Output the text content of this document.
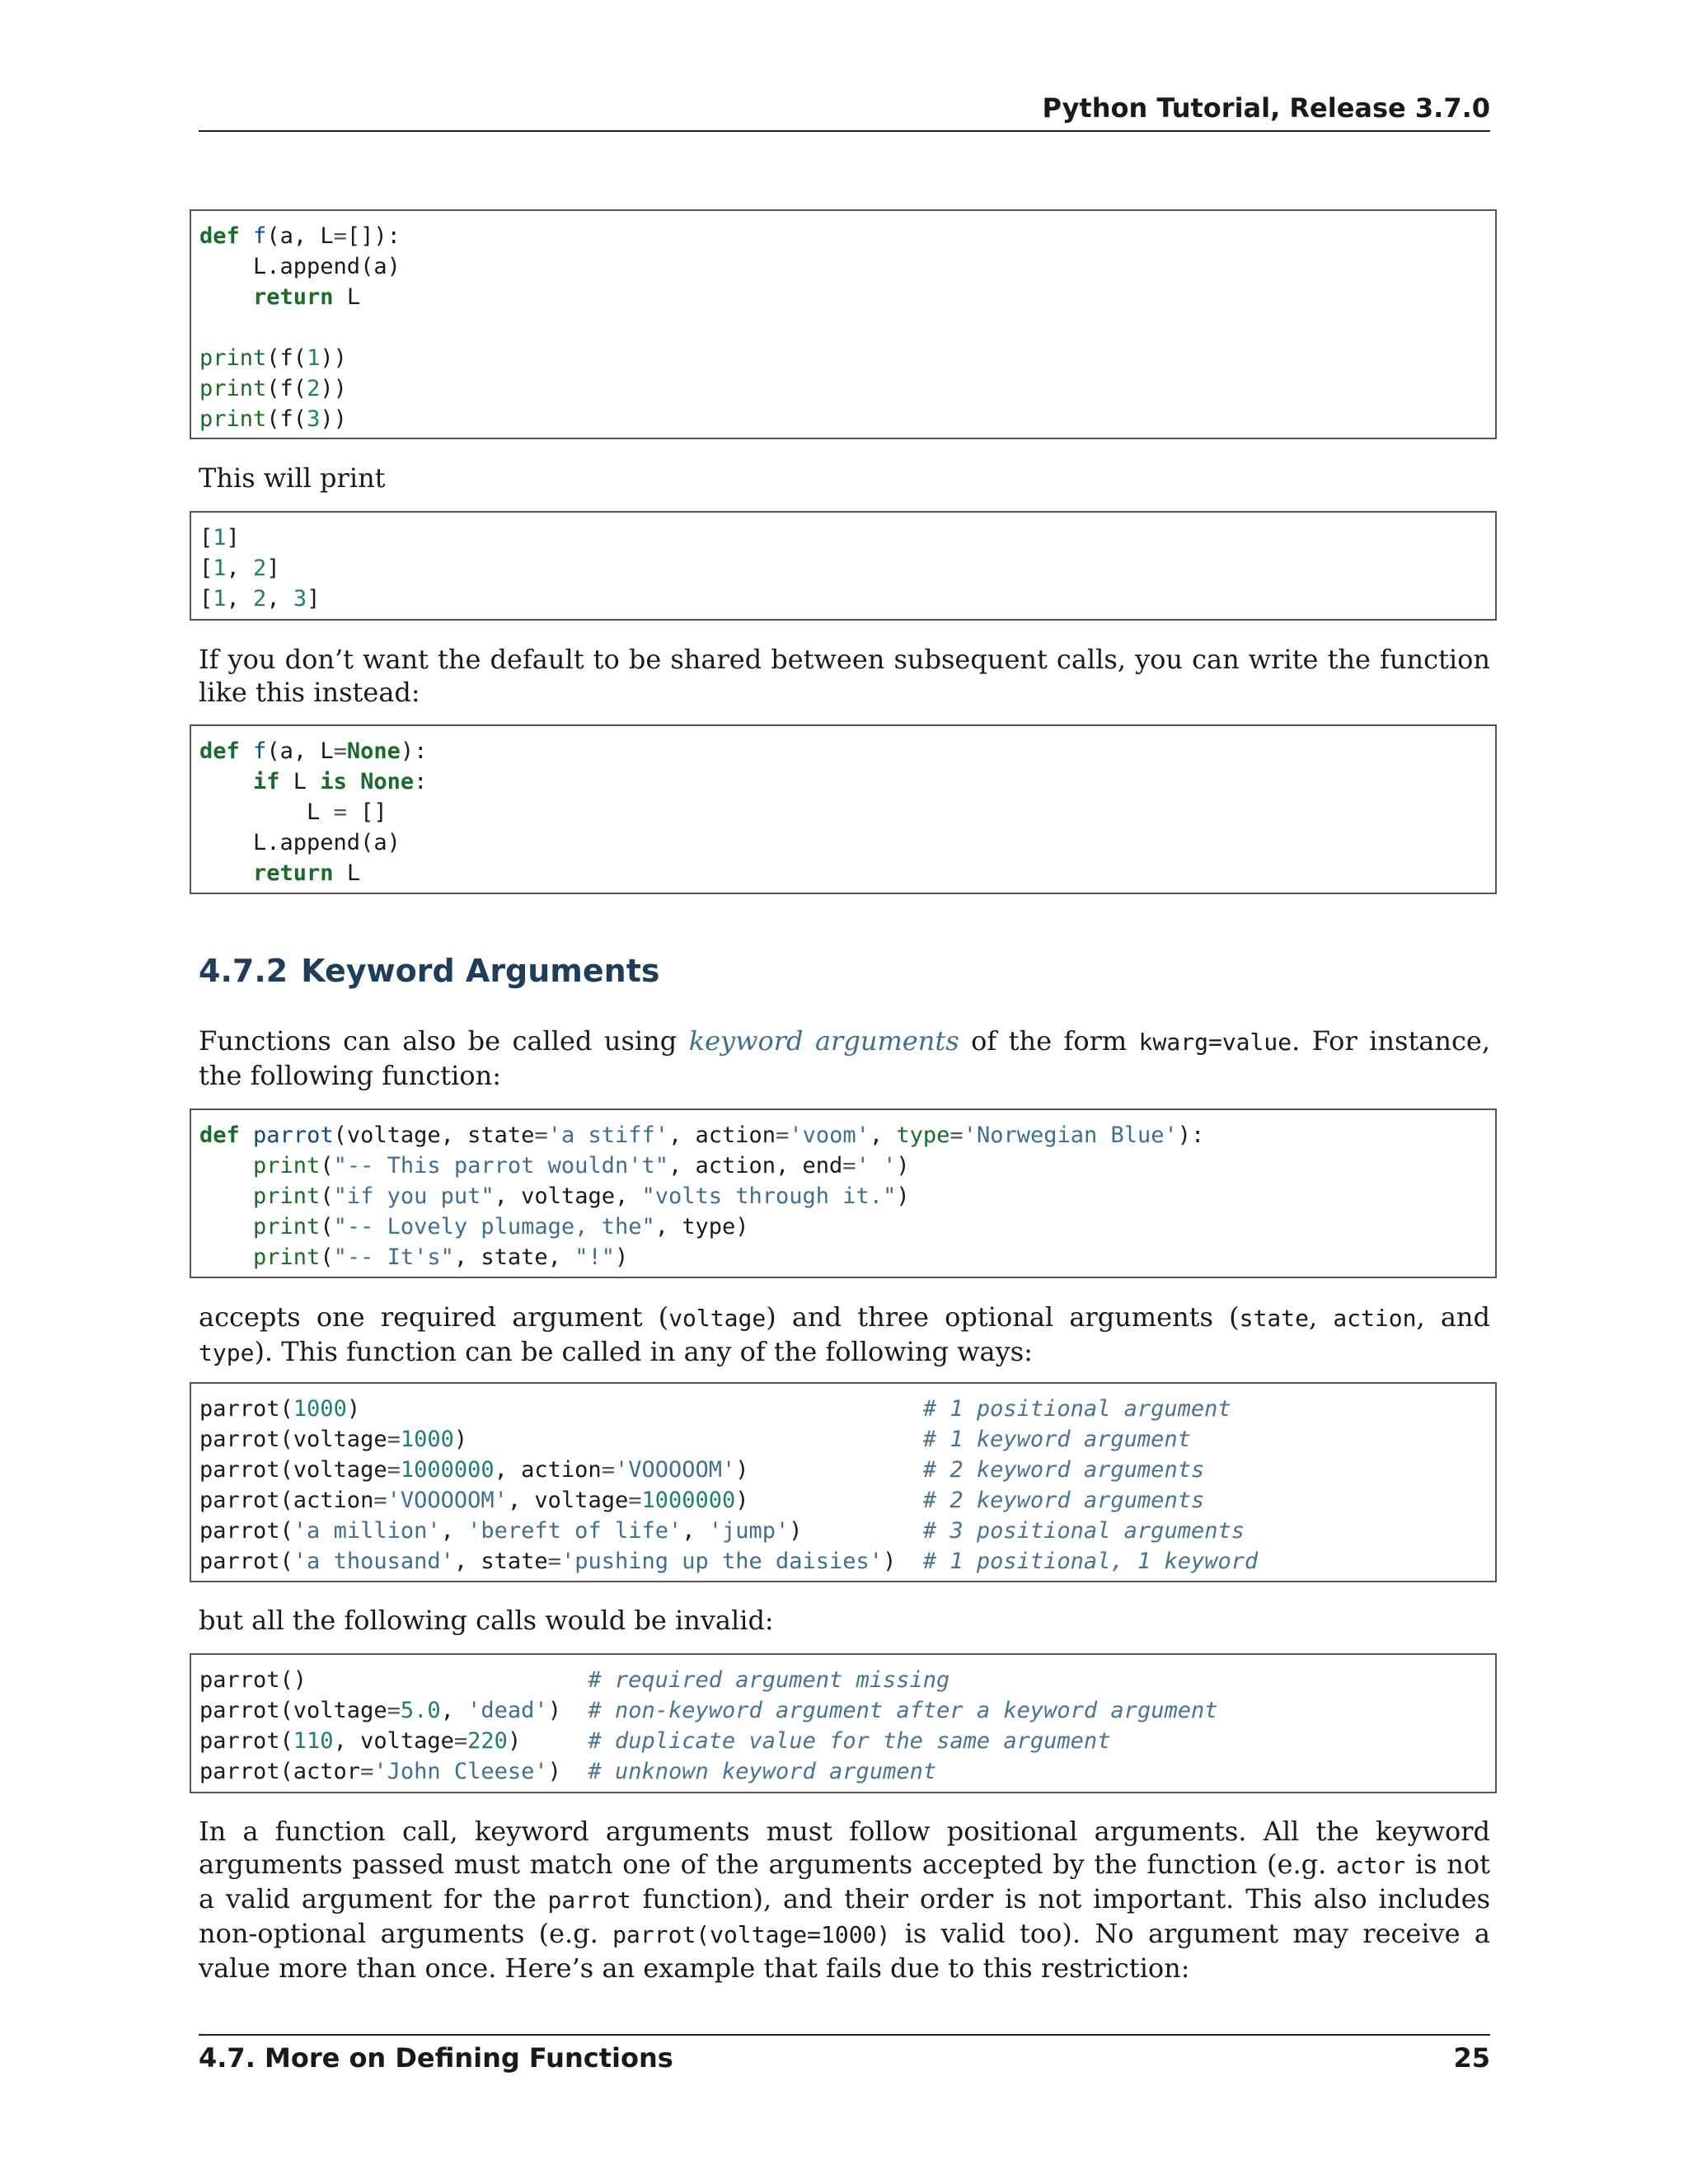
Python Tutorial, Release 3.7.0
def f(a, L=[]):
L.append(a)
return L
print(f(1))
print(f(2))
print(f(3))
This will print
[1]
[1, 2]
[1, 2, 3]
If you don’t want the default to be shared between subsequent calls, you can write the function like this instead:
def f(a, L=None):
if L is None:
L = []
L.append(a)
return L
4.7.2 Keyword Arguments
Functions can also be called using keyword arguments of the form kwarg=value. For instance, the following function:
def parrot(voltage, state='a stiff', action='voom', type='Norwegian Blue'):
print("-- This parrot wouldn't", action, end=' ')
print("if you put", voltage, "volts through it.")
print("-- Lovely plumage, the", type)
print("-- It's", state, "!")
accepts one required argument (voltage) and three optional arguments (state, action, and type). This function can be called in any of the following ways:
parrot(1000)                                          # 1 positional argument
parrot(voltage=1000)                                  # 1 keyword argument
parrot(voltage=1000000, action='VOOOOOM')             # 2 keyword arguments
parrot(action='VOOOOOM', voltage=1000000)             # 2 keyword arguments
parrot('a million', 'bereft of life', 'jump')         # 3 positional arguments
parrot('a thousand', state='pushing up the daisies')  # 1 positional, 1 keyword
but all the following calls would be invalid:
parrot()                     # required argument missing
parrot(voltage=5.0, 'dead')  # non-keyword argument after a keyword argument
parrot(110, voltage=220)     # duplicate value for the same argument
parrot(actor='John Cleese')  # unknown keyword argument
In a function call, keyword arguments must follow positional arguments. All the keyword arguments passed must match one of the arguments accepted by the function (e.g. actor is not a valid argument for the parrot function), and their order is not important. This also includes non-optional arguments (e.g. parrot(voltage=1000) is valid too). No argument may receive a value more than once. Here’s an example that fails due to this restriction:
4.7. More on Defining Functions	25
